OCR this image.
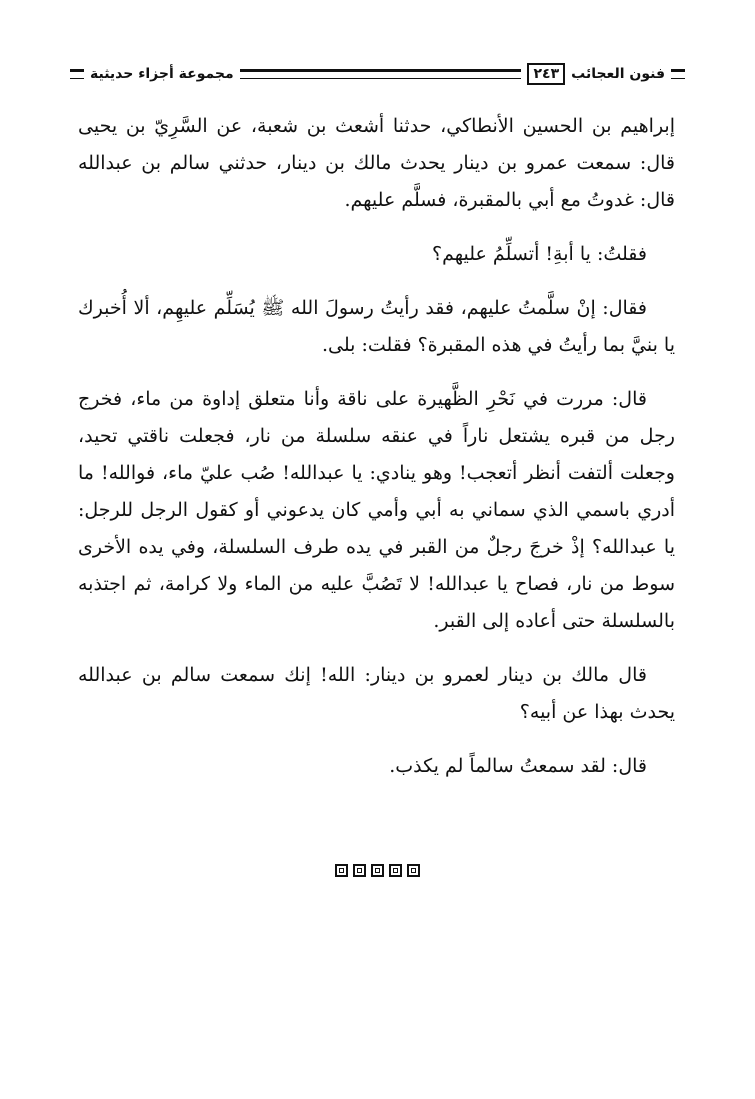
فنون العجائب
٢٤٣
مجموعة أجزاء حديثية

إبراهيم بن الحسين الأنطاكي، حدثنا أشعث بن شعبة، عن السَّرِيّ بن يحيى قال: سمعت عمرو بن دينار يحدث مالك بن دينار، حدثني سالم بن عبدالله قال: غدوتُ مع أبي بالمقبرة، فسلَّم عليهم.

فقلتُ: يا أبةِ! أتسلِّمُ عليهم؟

فقال: إنْ سلَّمتُ عليهم، فقد رأيتُ رسولَ الله ﷺ يُسَلِّم عليهِم، ألا أُخبرك يا بنيَّ بما رأيتُ في هذه المقبرة؟ فقلت: بلى.

قال: مررت في نَحْرِ الظَّهيرة على ناقة وأنا متعلق إداوة من ماء، فخرج رجل من قبره يشتعل ناراً في عنقه سلسلة من نار، فجعلت ناقتي تحيد، وجعلت ألتفت أنظر أتعجب! وهو ينادي: يا عبدالله! صُب عليّ ماء، فوالله! ما أدري باسمي الذي سماني به أبي وأمي كان يدعوني أو كقول الرجل للرجل: يا عبدالله؟ إذْ خرجَ رجلٌ من القبر في يده طرف السلسلة، وفي يده الأخرى سوط من نار، فصاح يا عبدالله! لا تَصُبَّ عليه من الماء ولا كرامة، ثم اجتذبه بالسلسلة حتى أعاده إلى القبر.

قال مالك بن دينار لعمرو بن دينار: الله! إنك سمعت سالم بن عبدالله يحدث بهذا عن أبيه؟

قال: لقد سمعتُ سالماً لم يكذب.
